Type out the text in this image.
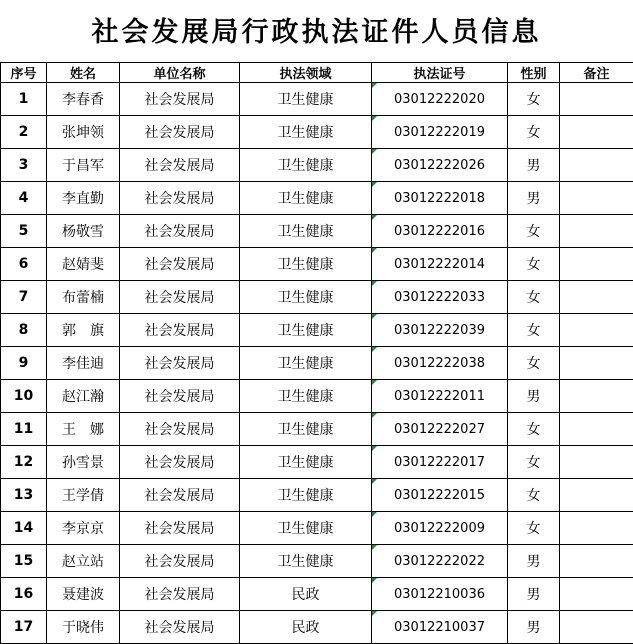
社会发展局行政执法证件人员信息
序号	姓名	单位名称	执法领域	执法证号	性别	备注
1	李春香	社会发展局	卫生健康	03012222020	女	
2	张坤领	社会发展局	卫生健康	03012222019	女	
3	于昌军	社会发展局	卫生健康	03012222026	男	
4	李直勤	社会发展局	卫生健康	03012222018	男	
5	杨敬雪	社会发展局	卫生健康	03012222016	女	
6	赵婧斐	社会发展局	卫生健康	03012222014	女	
7	布蕾楠	社会发展局	卫生健康	03012222033	女	
8	郭　旗	社会发展局	卫生健康	03012222039	女	
9	李佳迪	社会发展局	卫生健康	03012222038	女	
10	赵江瀚	社会发展局	卫生健康	03012222011	男	
11	王　娜	社会发展局	卫生健康	03012222027	女	
12	孙雪景	社会发展局	卫生健康	03012222017	女	
13	王学倩	社会发展局	卫生健康	03012222015	女	
14	李京京	社会发展局	卫生健康	03012222009	女	
15	赵立站	社会发展局	卫生健康	03012222022	男	
16	聂建波	社会发展局	民政	03012210036	男	
17	于晓伟	社会发展局	民政	03012210037	男	
